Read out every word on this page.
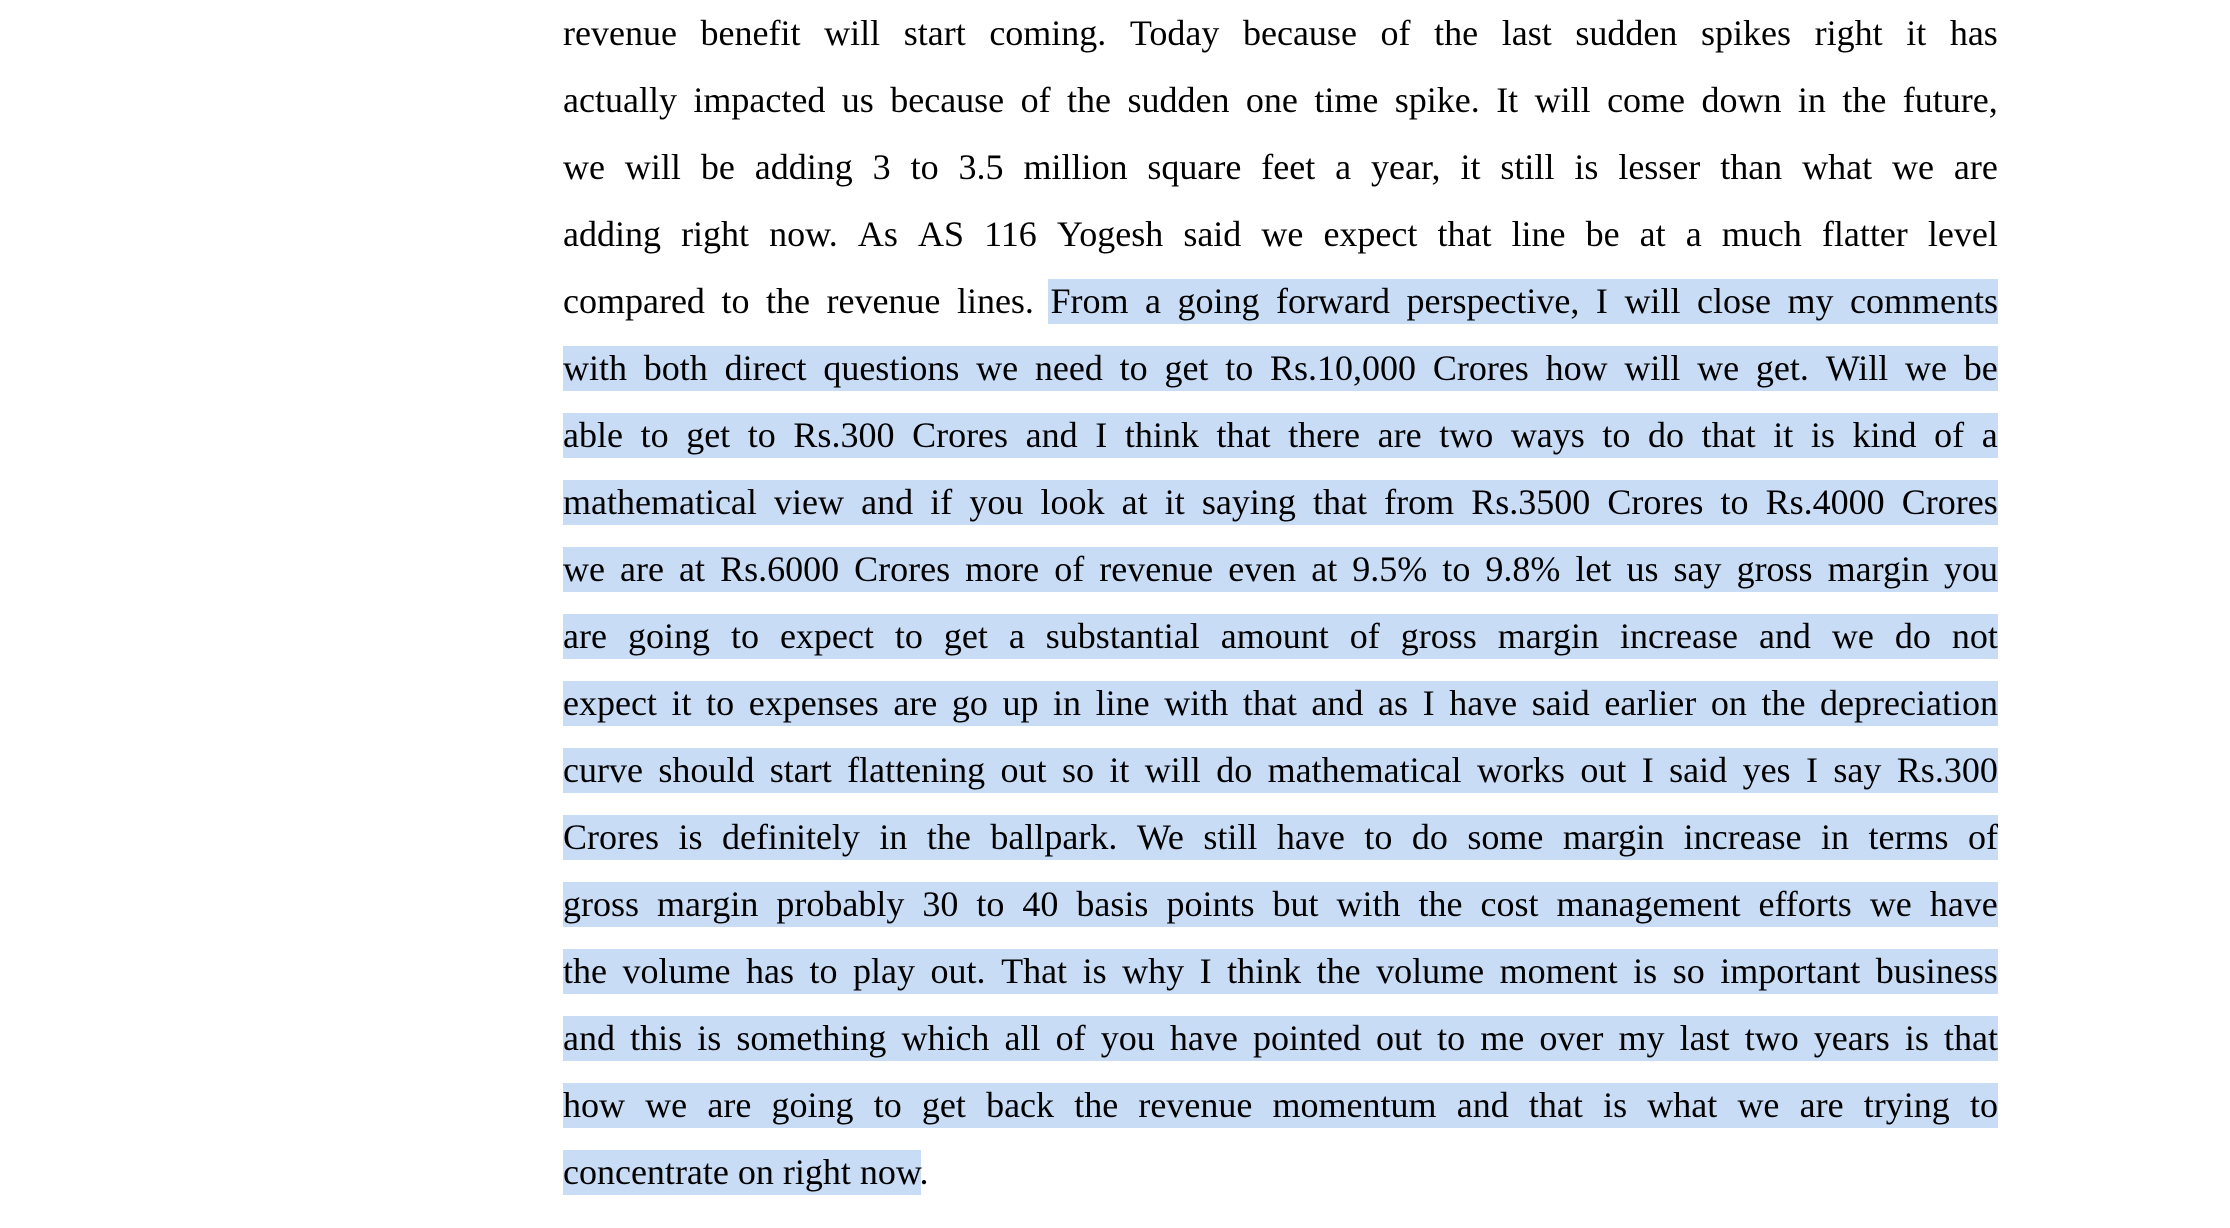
revenue benefit will start coming. Today because of the last sudden spikes right it has
actually impacted us because of the sudden one time spike. It will come down in the future,
we will be adding 3 to 3.5 million square feet a year, it still is lesser than what we are
adding right now. As AS 116 Yogesh said we expect that line be at a much flatter level
compared to the revenue lines. From a going forward perspective, I will close my comments
with both direct questions we need to get to Rs.10,000 Crores how will we get. Will we be
able to get to Rs.300 Crores and I think that there are two ways to do that it is kind of a
mathematical view and if you look at it saying that from Rs.3500 Crores to Rs.4000 Crores
we are at Rs.6000 Crores more of revenue even at 9.5% to 9.8% let us say gross margin you
are going to expect to get a substantial amount of gross margin increase and we do not
expect it to expenses are go up in line with that and as I have said earlier on the depreciation
curve should start flattening out so it will do mathematical works out I said yes I say Rs.300
Crores is definitely in the ballpark. We still have to do some margin increase in terms of
gross margin probably 30 to 40 basis points but with the cost management efforts we have
the volume has to play out. That is why I think the volume moment is so important business
and this is something which all of you have pointed out to me over my last two years is that
how we are going to get back the revenue momentum and that is what we are trying to
concentrate on right now.
